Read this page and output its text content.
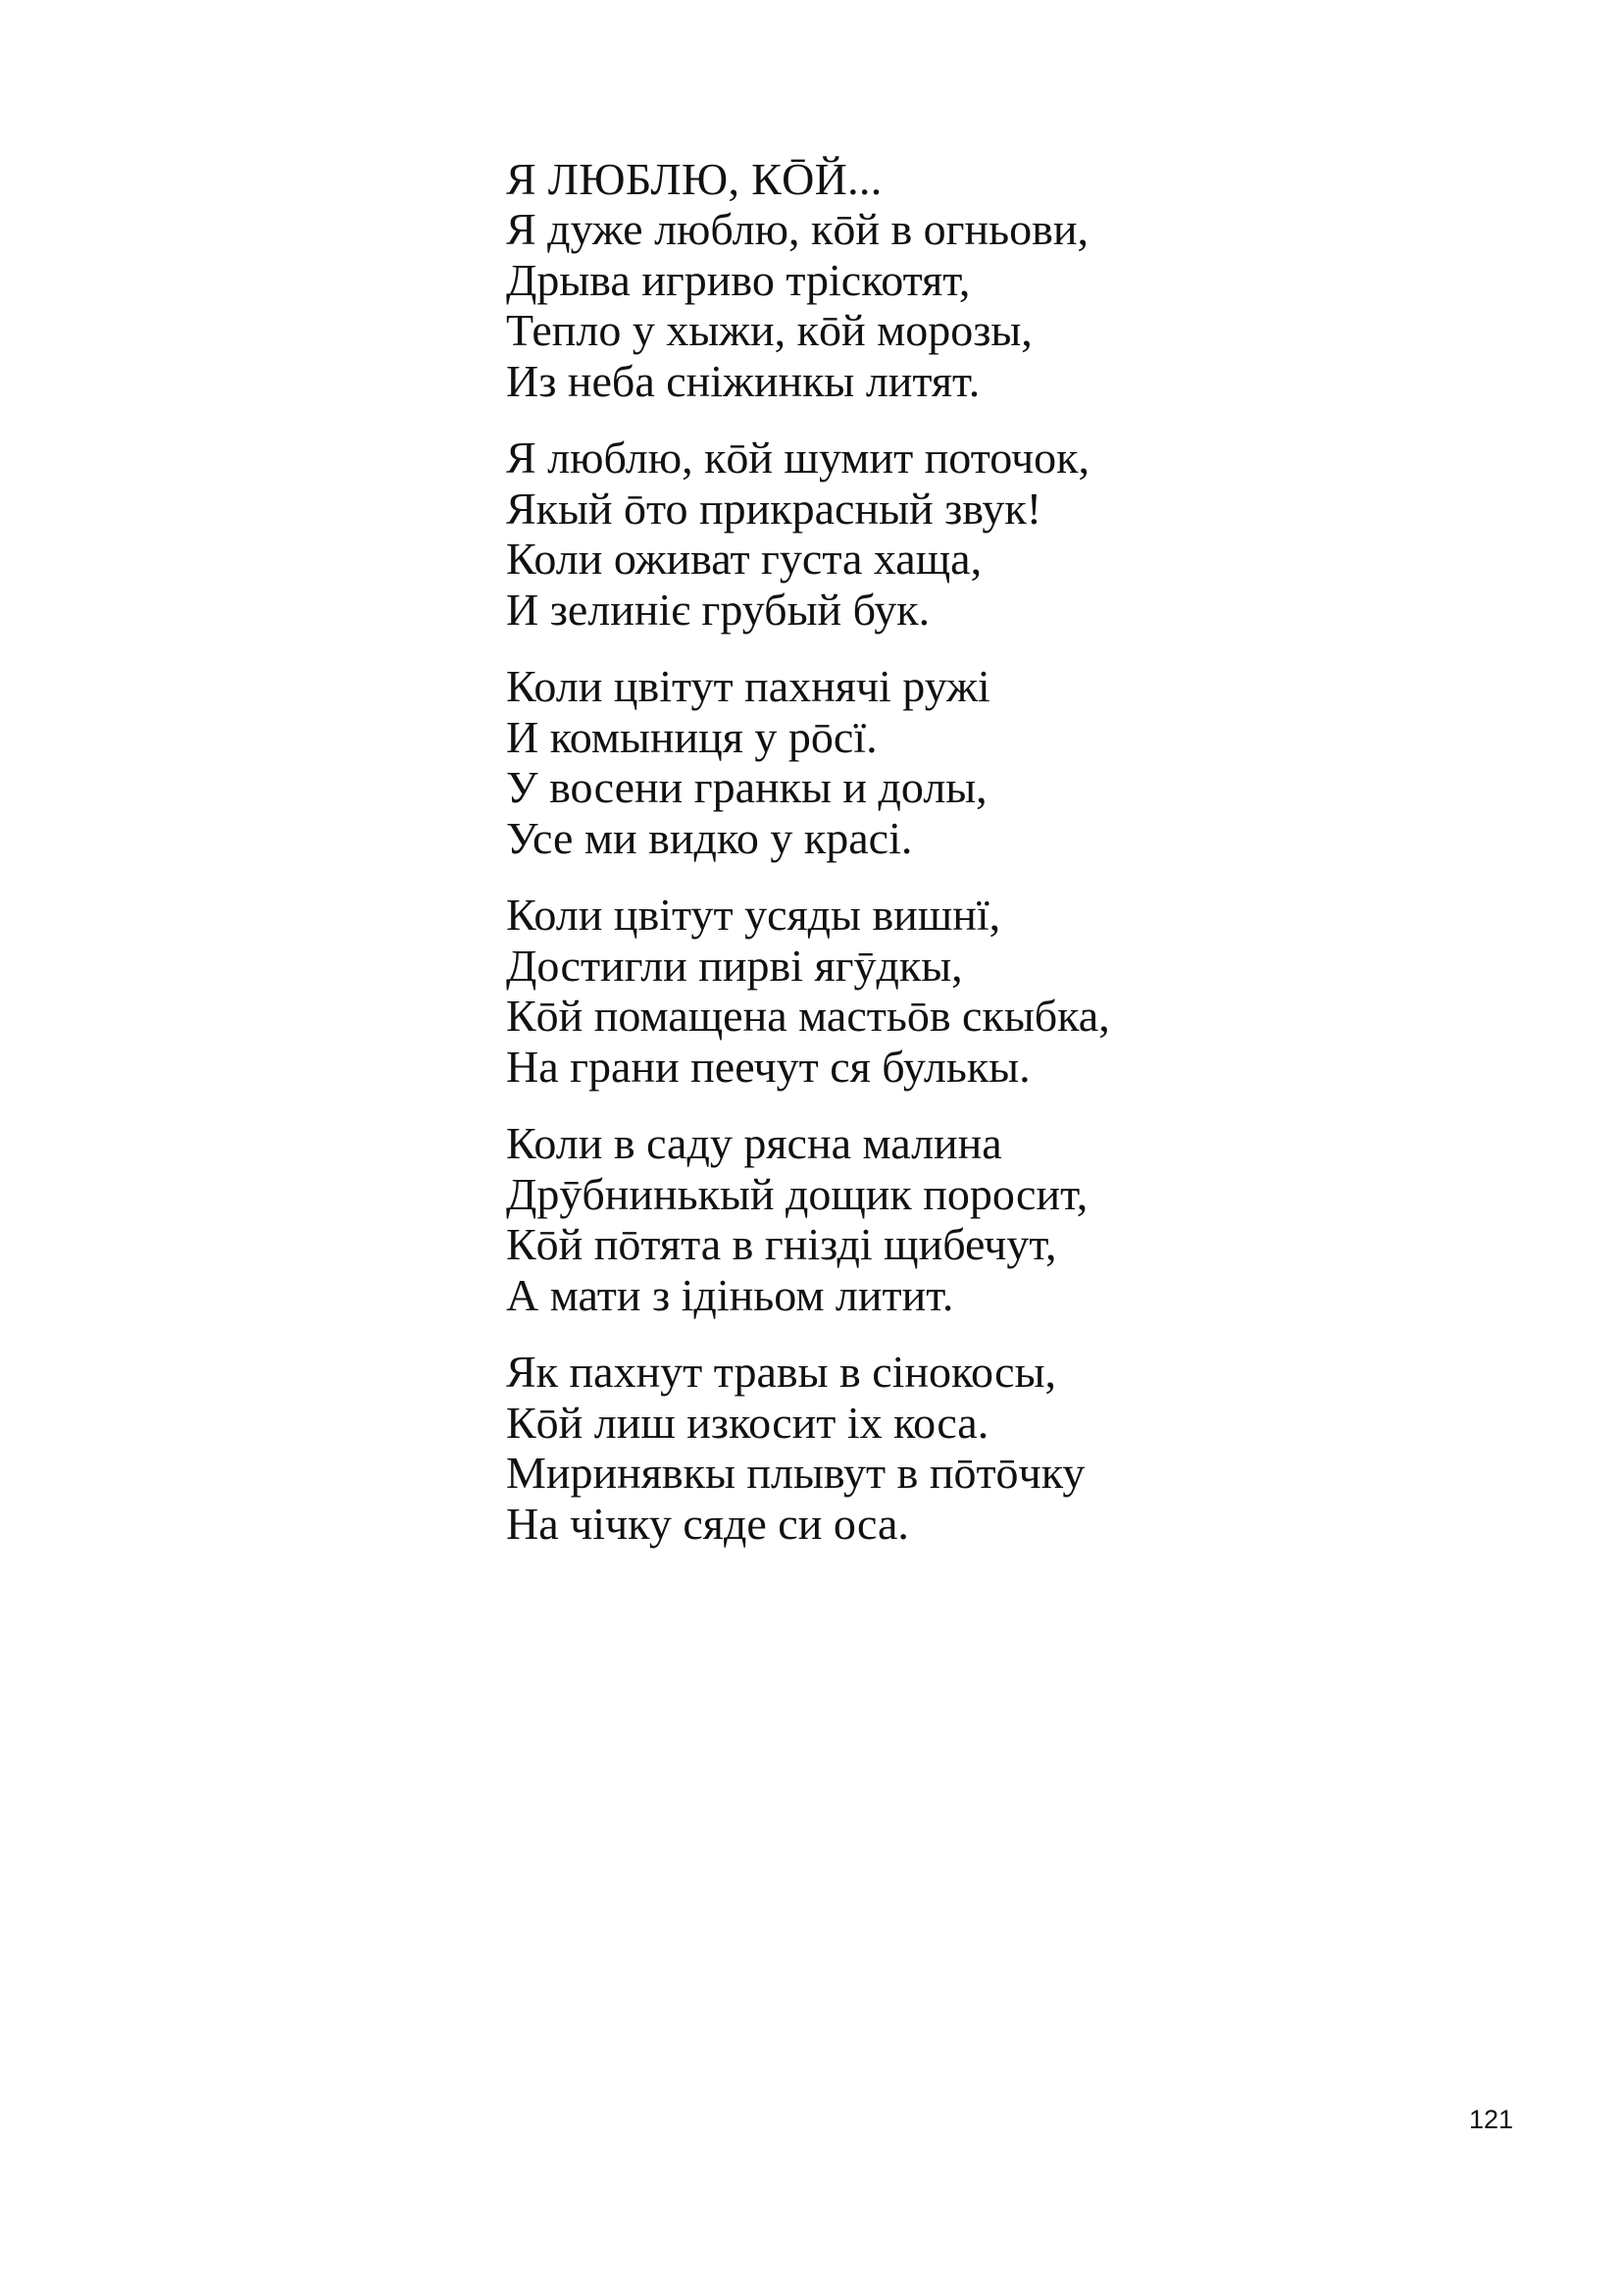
Я ЛЮБЛЮ, КŌЙ...
Я дуже люблю, кōй в огньови,
Дрыва игриво тріскотят,
Тепло у хыжи, кōй морозы,
Из неба сніжинкы литят.
Я люблю, кōй шумит поточок,
Якый ōто прикрасный звук!
Коли оживат густа хаща,
И зелиніє грубый бук.
Коли цвітут пахнячі ружі
И комыниця у рōсї.
У восени гранкы и долы,
Усе ми видко у красі.
Коли цвітут усяды вишнї,
Достигли пирві ягӯдкы,
Кōй помащена мастьōв скыбка,
На грани пеечут ся булькы.
Коли в саду рясна малина
Дрӯбнинькый дощик поросит,
Кōй пōтята в гнізді щибечут,
А мати з ідіньом литит.
Як пахнут травы в сінокосы,
Кōй лиш изкосит іх коса.
Миринявкы плывут в пōтōчку
На чічку сяде си оса.
121
